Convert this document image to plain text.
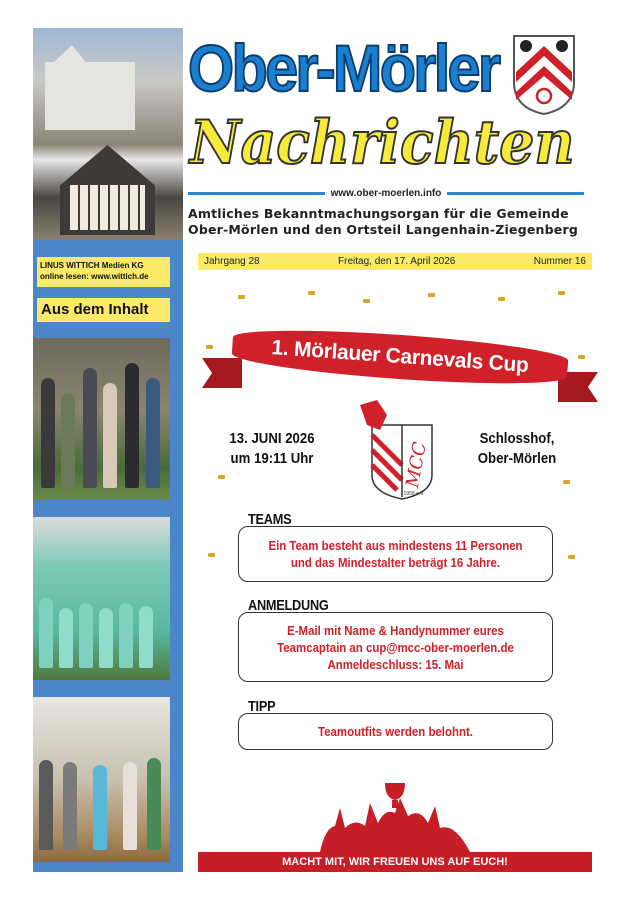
Ober-Mörler
Nachrichten
www.ober-moerlen.info
Amtliches Bekanntmachungsorgan für die Gemeinde
Ober-Mörlen und den Ortsteil Langenhain-Ziegenberg
LINUS WITTICH Medien KG
online lesen: www.wittich.de
Aus dem Inhalt
Jahrgang 28	Freitag, den 17. April 2026	Nummer 16
1. Mörlauer Carnevals Cup
13. JUNI 2026
um 19:11 Uhr	MCC
1956 e.V.
Schlosshof,
Ober-Mörlen
TEAMS
Ein Team besteht aus mindestens 11 Personen
und das Mindestalter beträgt 16 Jahre.
ANMELDUNG
E-Mail mit Name & Handynummer eures
Teamcaptain an cup@mcc-ober-moerlen.de
Anmeldeschluss: 15. Mai
TIPP
Teamoutfits werden belohnt.
MACHT MIT, WIR FREUEN UNS AUF EUCH!
